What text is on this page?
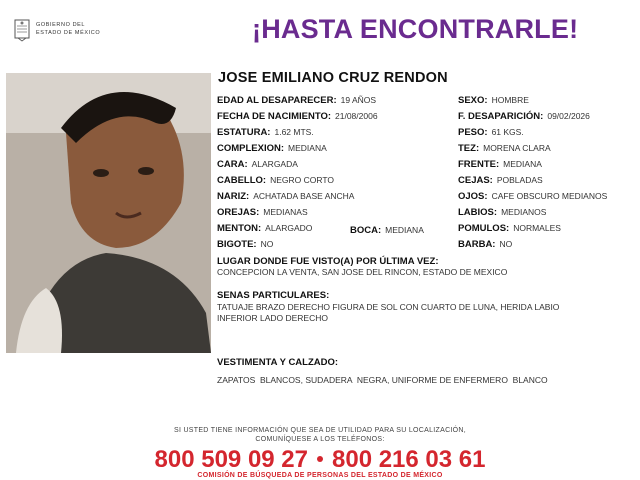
GOBIERNO DEL
ESTADO DE MÉXICO	¡HASTA ENCONTRARLE!
JOSE EMILIANO CRUZ RENDON
EDAD AL DESAPARECER: 19 AÑOS
FECHA DE NACIMIENTO: 21/08/2006
ESTATURA: 1.62 MTS.
COMPLEXION: MEDIANA
CARA: ALARGADA
CABELLO: NEGRO CORTO
NARIZ: ACHATADA BASE ANCHA
OREJAS: MEDIANAS
MENTON: ALARGADO	BOCA: MEDIANA
BIGOTE: NO
SEXO: HOMBRE
F. DESAPARICIÓN: 09/02/2026
PESO: 61 KGS.
TEZ: MORENA CLARA
FRENTE: MEDIANA
CEJAS: POBLADAS
OJOS: CAFE OBSCURO MEDIANOS
LABIOS: MEDIANOS
POMULOS: NORMALES
BARBA: NO
LUGAR DONDE FUE VISTO(A) POR ÚLTIMA VEZ:
CONCEPCION LA VENTA, SAN JOSE DEL RINCON, ESTADO DE MEXICO
SENAS PARTICULARES:
TATUAJE BRAZO DERECHO FIGURA DE SOL CON CUARTO DE LUNA, HERIDA LABIO INFERIOR LADO DERECHO
VESTIMENTA Y CALZADO:
ZAPATOS  BLANCOS, SUDADERA  NEGRA, UNIFORME DE ENFERMERO  BLANCO
SI USTED TIENE INFORMACIÓN QUE SEA DE UTILIDAD PARA SU LOCALIZACIÓN,
COMUNÍQUESE A LOS TELÉFONOS:
800 509 09 27 800 216 03 61
COMISIÓN DE BÚSQUEDA DE PERSONAS DEL ESTADO DE MÉXICO
